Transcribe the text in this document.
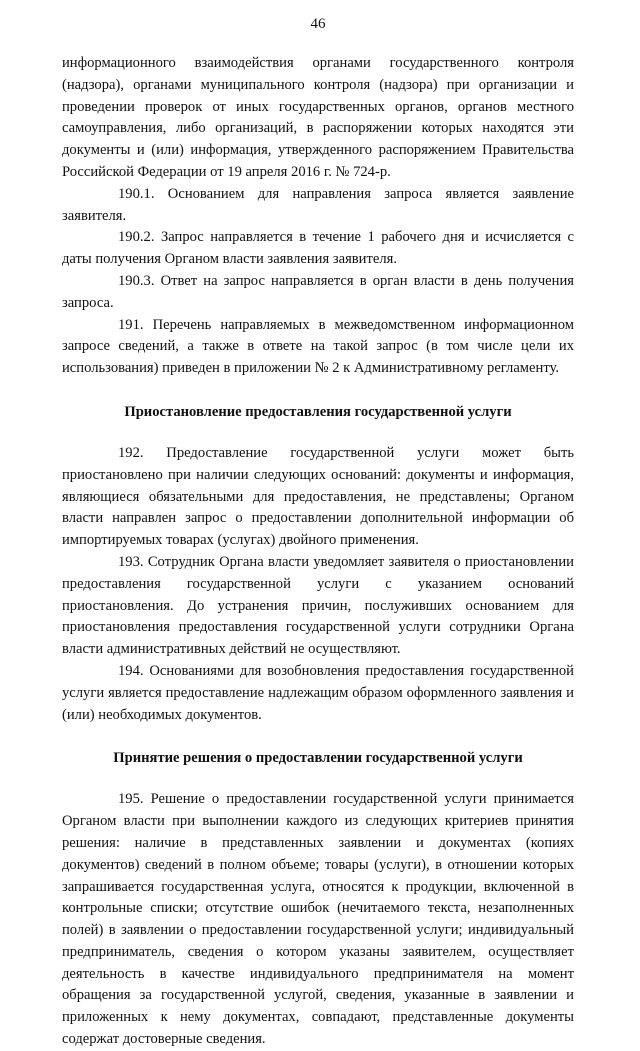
46

информационного взаимодействия органами государственного контроля (надзора), органами муниципального контроля (надзора) при организации и проведении проверок от иных государственных органов, органов местного самоуправления, либо организаций, в распоряжении которых находятся эти документы и (или) информация, утвержденного распоряжением Правительства Российской Федерации от 19 апреля 2016 г. № 724-р.

190.1. Основанием для направления запроса является заявление заявителя.

190.2. Запрос направляется в течение 1 рабочего дня и исчисляется с даты получения Органом власти заявления заявителя.

190.3. Ответ на запрос направляется в орган власти в день получения запроса.

191. Перечень направляемых в межведомственном информационном запросе сведений, а также в ответе на такой запрос (в том числе цели их использования) приведен в приложении № 2 к Административному регламенту.

Приостановление предоставления государственной услуги

192. Предоставление государственной услуги может быть приостановлено при наличии следующих оснований: документы и информация, являющиеся обязательными для предоставления, не представлены; Органом власти направлен запрос о предоставлении дополнительной информации об импортируемых товарах (услугах) двойного применения.

193. Сотрудник Органа власти уведомляет заявителя о приостановлении предоставления государственной услуги с указанием оснований приостановления. До устранения причин, послуживших основанием для приостановления предоставления государственной услуги сотрудники Органа власти административных действий не осуществляют.

194. Основаниями для возобновления предоставления государственной услуги является предоставление надлежащим образом оформленного заявления и (или) необходимых документов.

Принятие решения о предоставлении государственной услуги

195. Решение о предоставлении государственной услуги принимается Органом власти при выполнении каждого из следующих критериев принятия решения: наличие в представленных заявлении и документах (копиях документов) сведений в полном объеме; товары (услуги), в отношении которых запрашивается государственная услуга, относятся к продукции, включенной в контрольные списки; отсутствие ошибок (нечитаемого текста, незаполненных полей) в заявлении о предоставлении государственной услуги; индивидуальный предприниматель, сведения о котором указаны заявителем, осуществляет деятельность в качестве индивидуального предпринимателя на момент обращения за государственной услугой, сведения, указанные в заявлении и приложенных к нему документах, совпадают, представленные документы содержат достоверные сведения.
